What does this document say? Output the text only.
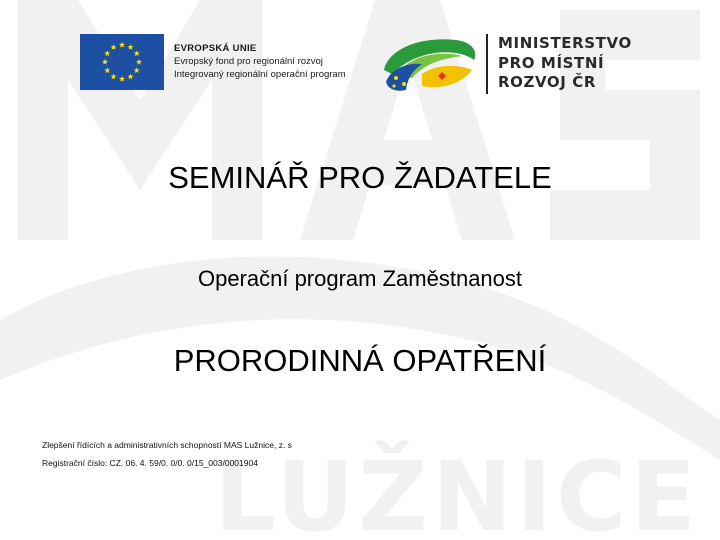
LUŽNICE
EVROPSKÁ UNIE
Evropský fond pro regionální rozvoj
Integrovaný regionální operační program
MINISTERSTVO
PRO MÍSTNÍ
ROZVOJ ČR
SEMINÁŘ PRO ŽADATELE
Operační program Zaměstnanost
PRORODINNÁ OPATŘENÍ
Zlepšení řídících a administrativních schopností MAS Lužnice, z. s
Registrační číslo: CZ. 06. 4. 59/0. 0/0. 0/15_003/0001904
